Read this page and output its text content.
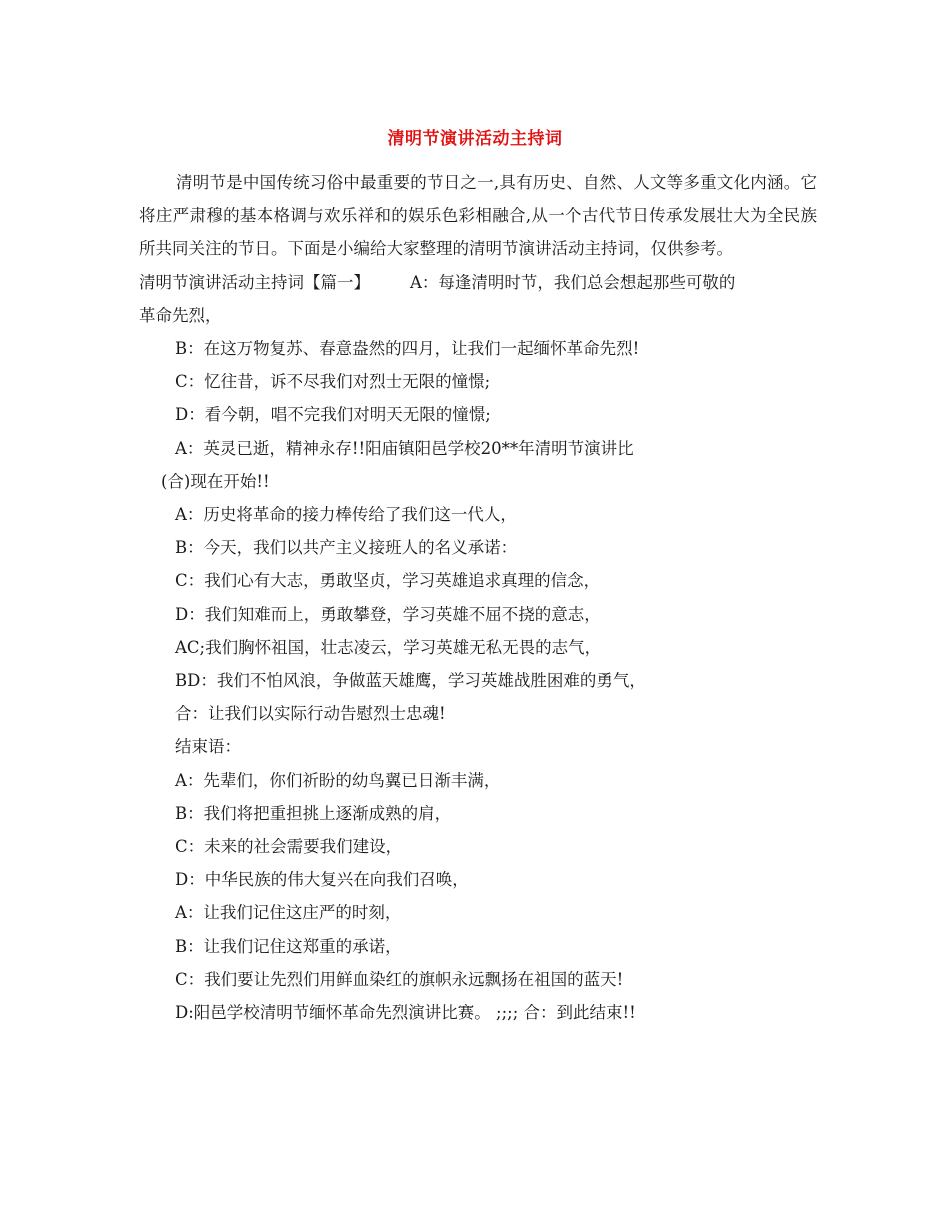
清明节演讲活动主持词
清明节是中国传统习俗中最重要的节日之一,具有历史、自然、人文等多重文化内涵。它将庄严肃穆的基本格调与欢乐祥和的娱乐色彩相融合,从一个古代节日传承发展壮大为全民族所共同关注的节日。下面是小编给大家整理的清明节演讲活动主持词，仅供参考。
清明节演讲活动主持词【篇一】 A：每逢清明时节，我们总会想起那些可敬的
革命先烈，
B：在这万物复苏、春意盎然的四月，让我们一起缅怀革命先烈!
C：忆往昔，诉不尽我们对烈士无限的憧憬;
D：看今朝，唱不完我们对明天无限的憧憬;
A：英灵已逝，精神永存!!阳庙镇阳邑学校20**年清明节演讲比
(合)现在开始!!
A：历史将革命的接力棒传给了我们这一代人，
B：今天，我们以共产主义接班人的名义承诺：
C：我们心有大志，勇敢坚贞，学习英雄追求真理的信念，
D：我们知难而上，勇敢攀登，学习英雄不屈不挠的意志，
AC;我们胸怀祖国，壮志凌云，学习英雄无私无畏的志气，
BD：我们不怕风浪，争做蓝天雄鹰，学习英雄战胜困难的勇气，
合：让我们以实际行动告慰烈士忠魂!
结束语：
A：先辈们，你们祈盼的幼鸟翼已日渐丰满，
B：我们将把重担挑上逐渐成熟的肩，
C：未来的社会需要我们建设，
D：中华民族的伟大复兴在向我们召唤，
A：让我们记住这庄严的时刻，
B：让我们记住这郑重的承诺，
C：我们要让先烈们用鲜血染红的旗帜永远飘扬在祖国的蓝天!
D:阳邑学校清明节缅怀革命先烈演讲比赛。 ;;;; 合：到此结束!!
